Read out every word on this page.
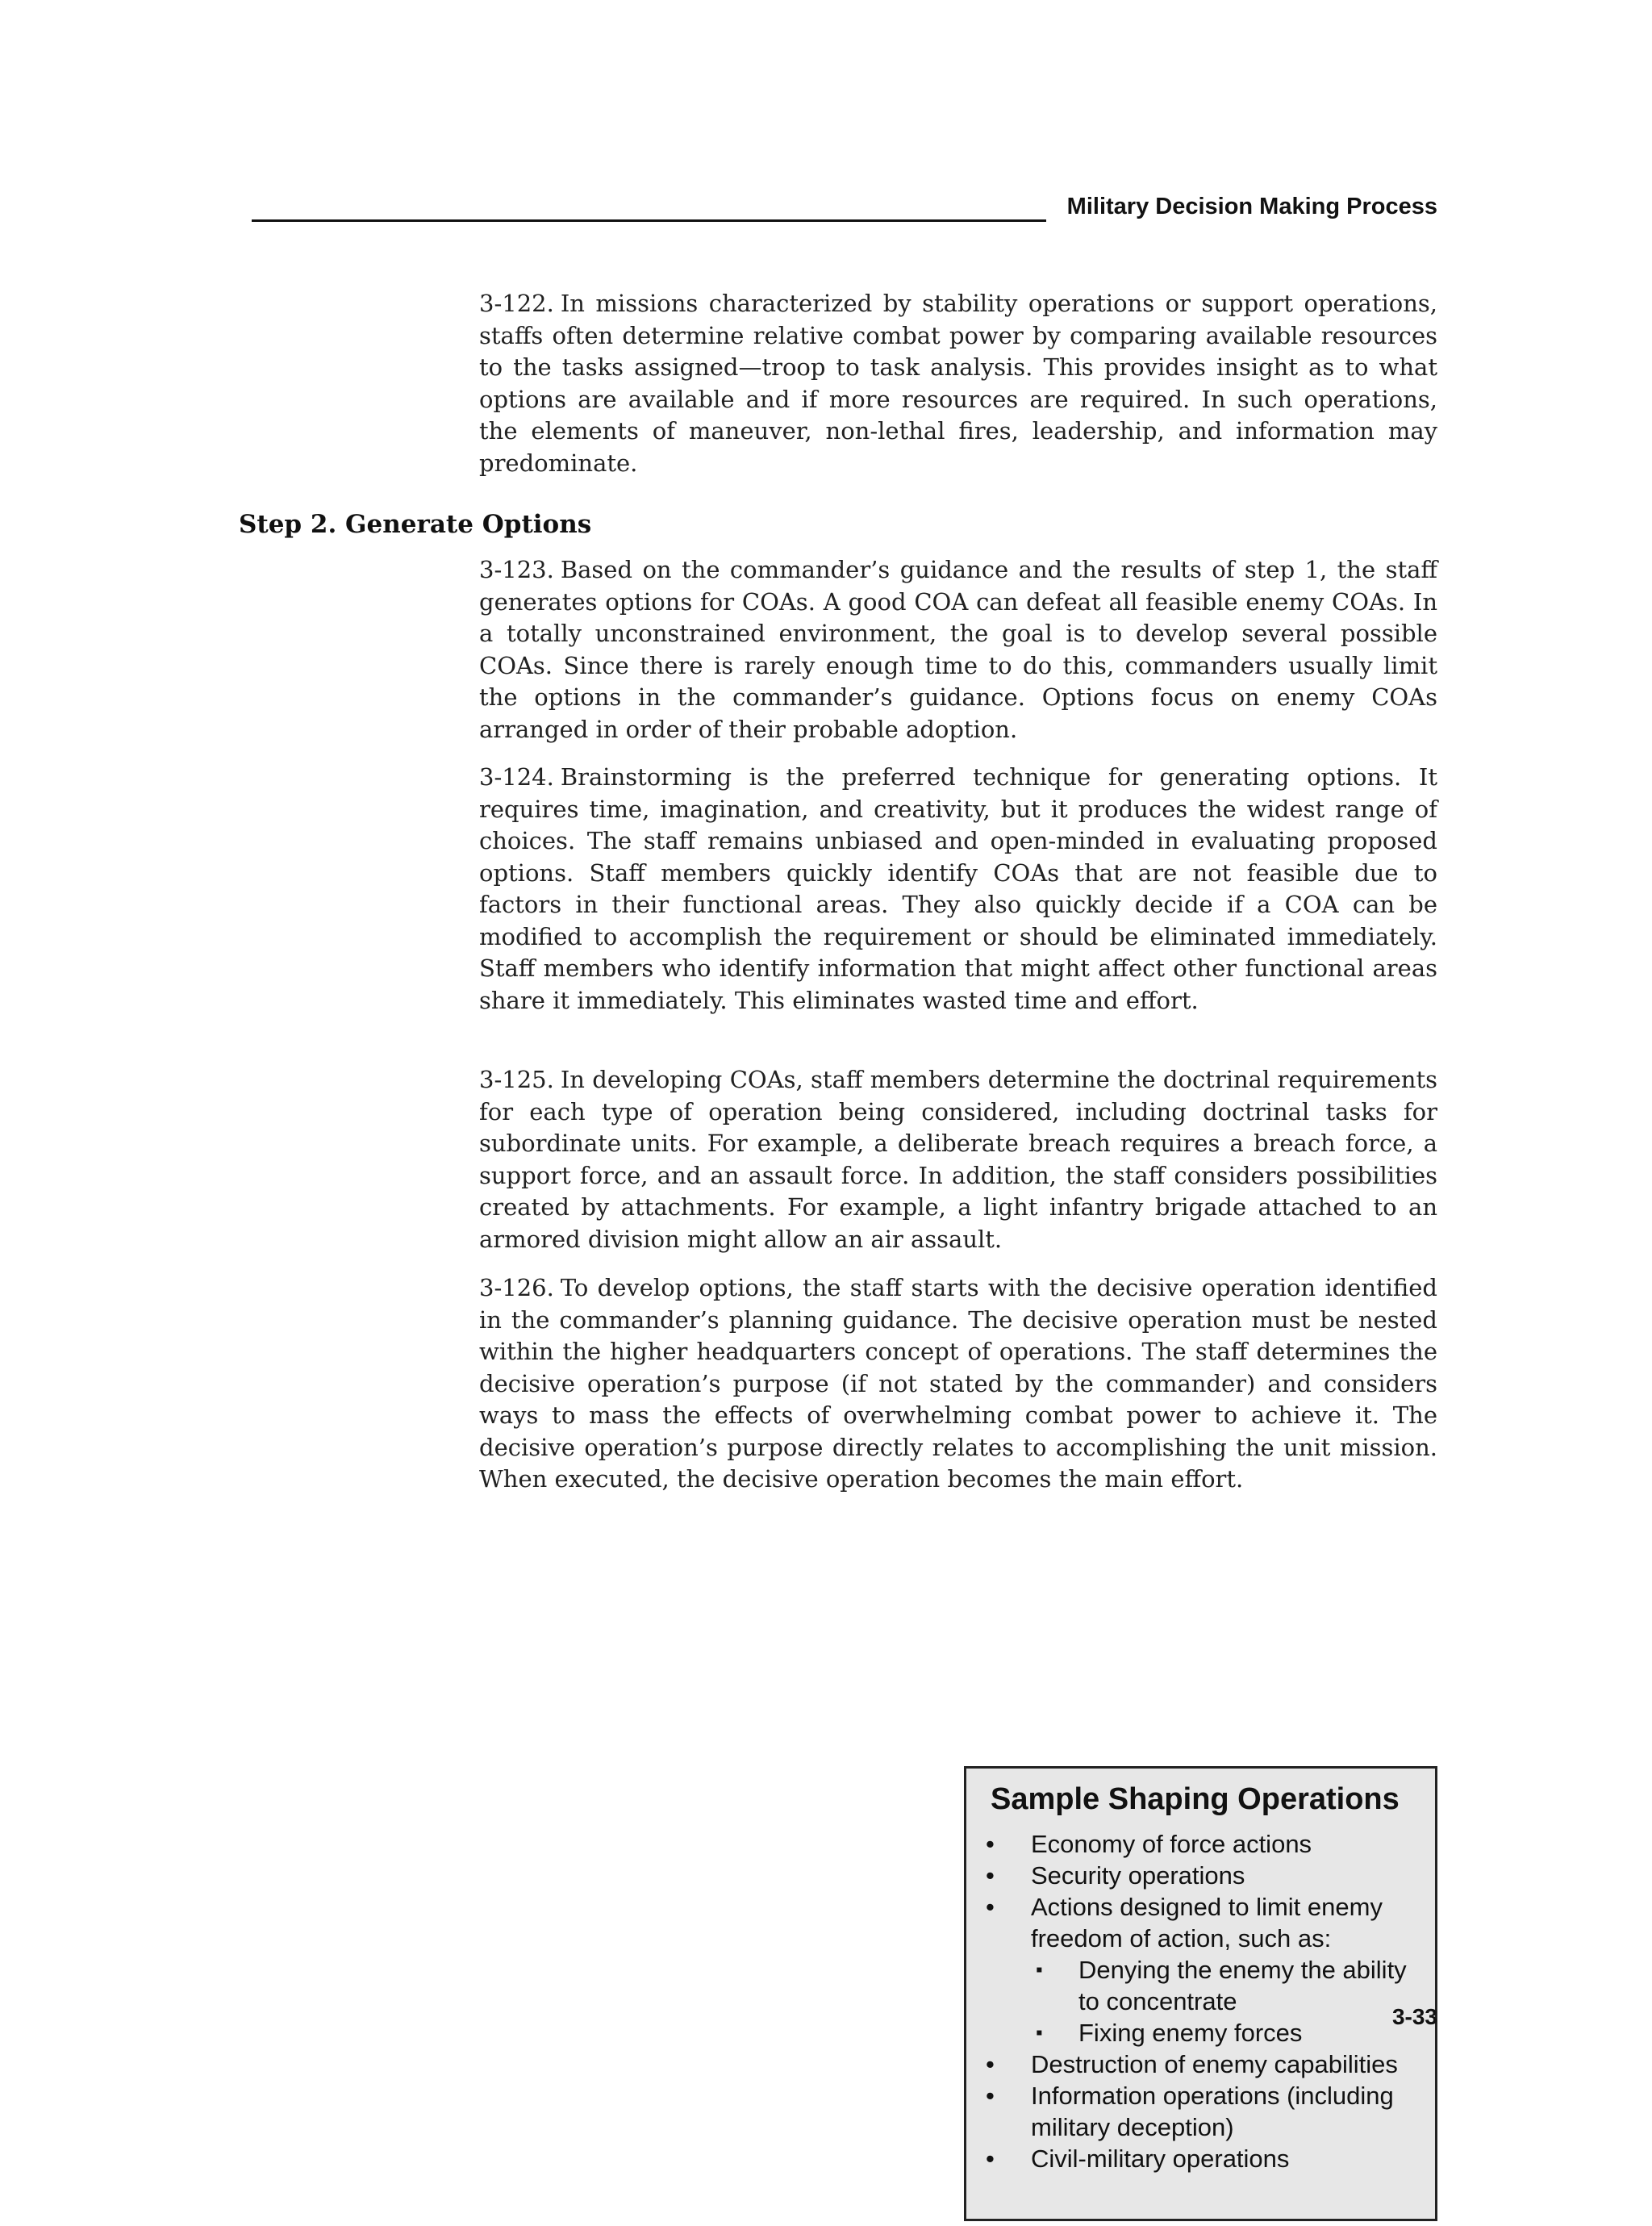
Military Decision Making Process

3-122. In missions characterized by stability operations or support operations, staffs often determine relative combat power by comparing available resources to the tasks assigned—troop to task analysis. This provides insight as to what options are available and if more resources are required. In such operations, the elements of maneuver, non-lethal fires, leadership, and information may predominate.

Step 2. Generate Options

3-123. Based on the commander’s guidance and the results of step 1, the staff generates options for COAs. A good COA can defeat all feasible enemy COAs. In a totally unconstrained environment, the goal is to develop several possible COAs. Since there is rarely enough time to do this, commanders usually limit the options in the commander’s guidance. Options focus on enemy COAs arranged in order of their probable adoption.

3-124. Brainstorming is the preferred technique for generating options. It requires time, imagination, and creativity, but it produces the widest range of choices. The staff remains unbiased and open-minded in evaluating proposed options. Staff members quickly identify COAs that are not feasible due to factors in their functional areas. They also quickly decide if a COA can be modified to accomplish the requirement or should be eliminated immediately. Staff members who identify information that might affect other functional areas share it immediately. This eliminates wasted time and effort.

3-125. In developing COAs, staff members determine the doctrinal requirements for each type of operation being considered, including doctrinal tasks for subordinate units. For example, a deliberate breach requires a breach force, a support force, and an assault force. In addition, the staff considers possibilities created by attachments. For example, a light infantry brigade attached to an armored division might allow an air assault.

3-126. To develop options, the staff starts with the decisive operation identified in the commander’s planning guidance. The decisive operation must be nested within the higher headquarters concept of operations. The staff determines the decisive operation’s purpose (if not stated by the commander) and considers ways to mass the effects of overwhelming combat power to achieve it. The decisive operation’s purpose directly relates to accomplishing the unit mission. When executed, the decisive operation becomes the main effort.

Sample Shaping Operations
• Economy of force actions
• Security operations
• Actions designed to limit enemy freedom of action, such as:
▪ Denying the enemy the ability to concentrate
▪ Fixing enemy forces
• Destruction of enemy capabilities
• Information operations (including military deception)
• Civil-military operations
3-33
